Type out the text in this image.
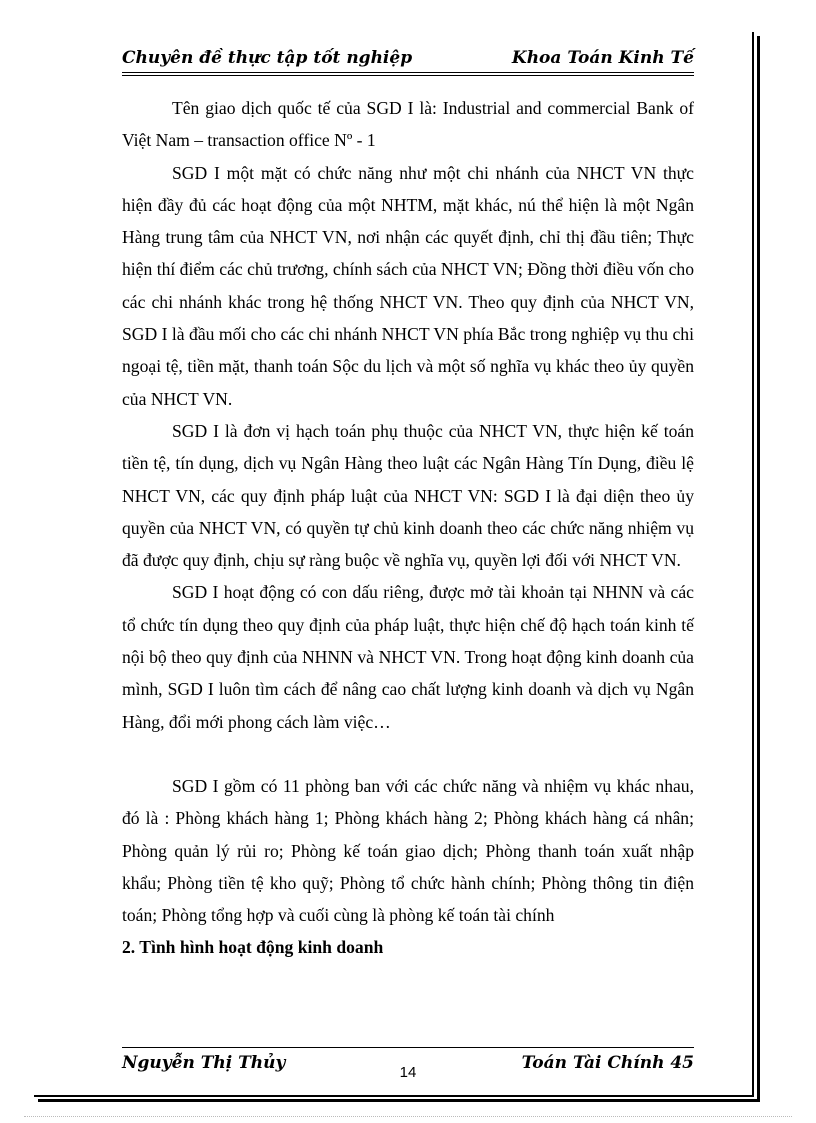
Chuyên đề thực tập tốt nghiệp	Khoa Toán Kinh Tế

Tên giao dịch quốc tế của SGD I là: Industrial and commercial Bank of Việt Nam – transaction office Nº - 1

SGD I một mặt có chức năng như một chi nhánh của NHCT VN thực hiện đầy đủ các hoạt động của một NHTM, mặt khác, nú thể hiện là một Ngân Hàng trung tâm của NHCT VN, nơi nhận các quyết định, chỉ thị đầu tiên; Thực hiện thí điểm các chủ trương, chính sách của NHCT VN; Đồng thời điều vốn cho các chi nhánh khác trong hệ thống NHCT VN. Theo quy định của NHCT VN, SGD I là đầu mối cho các chi nhánh NHCT VN phía Bắc trong nghiệp vụ thu chi ngoại tệ, tiền mặt, thanh toán Sộc du lịch và một số nghĩa vụ khác theo ủy quyền của NHCT VN.

SGD I là đơn vị hạch toán phụ thuộc của NHCT VN, thực hiện kế toán tiền tệ, tín dụng, dịch vụ Ngân Hàng theo luật các Ngân Hàng Tín Dụng, điều lệ NHCT VN, các quy định pháp luật của NHCT VN: SGD I là đại diện theo ủy quyền của NHCT VN, có quyền tự chủ kinh doanh theo các chức năng nhiệm vụ đã được quy định, chịu sự ràng buộc về nghĩa vụ, quyền lợi đối với NHCT VN.

SGD I hoạt động có con dấu riêng, được mở tài khoản tại NHNN và các tổ chức tín dụng theo quy định của pháp luật, thực hiện chế độ hạch toán kinh tế nội bộ theo quy định của NHNN và NHCT VN. Trong hoạt động kinh doanh của mình, SGD I luôn tìm cách để nâng cao chất lượng kinh doanh và dịch vụ Ngân Hàng, đổi mới phong cách làm việc…

SGD I gồm có 11 phòng ban với các chức năng và nhiệm vụ khác nhau, đó là : Phòng khách hàng 1; Phòng khách hàng 2; Phòng khách hàng cá nhân; Phòng quản lý rủi ro; Phòng kế toán giao dịch; Phòng thanh toán xuất nhập khẩu; Phòng tiền tệ kho quỹ; Phòng tổ chức hành chính; Phòng thông tin điện toán; Phòng tổng hợp và cuối cùng là phòng kế toán tài chính

2. Tình hình hoạt động kinh doanh

Nguyễn Thị Thủy	Toán Tài Chính 45
14
